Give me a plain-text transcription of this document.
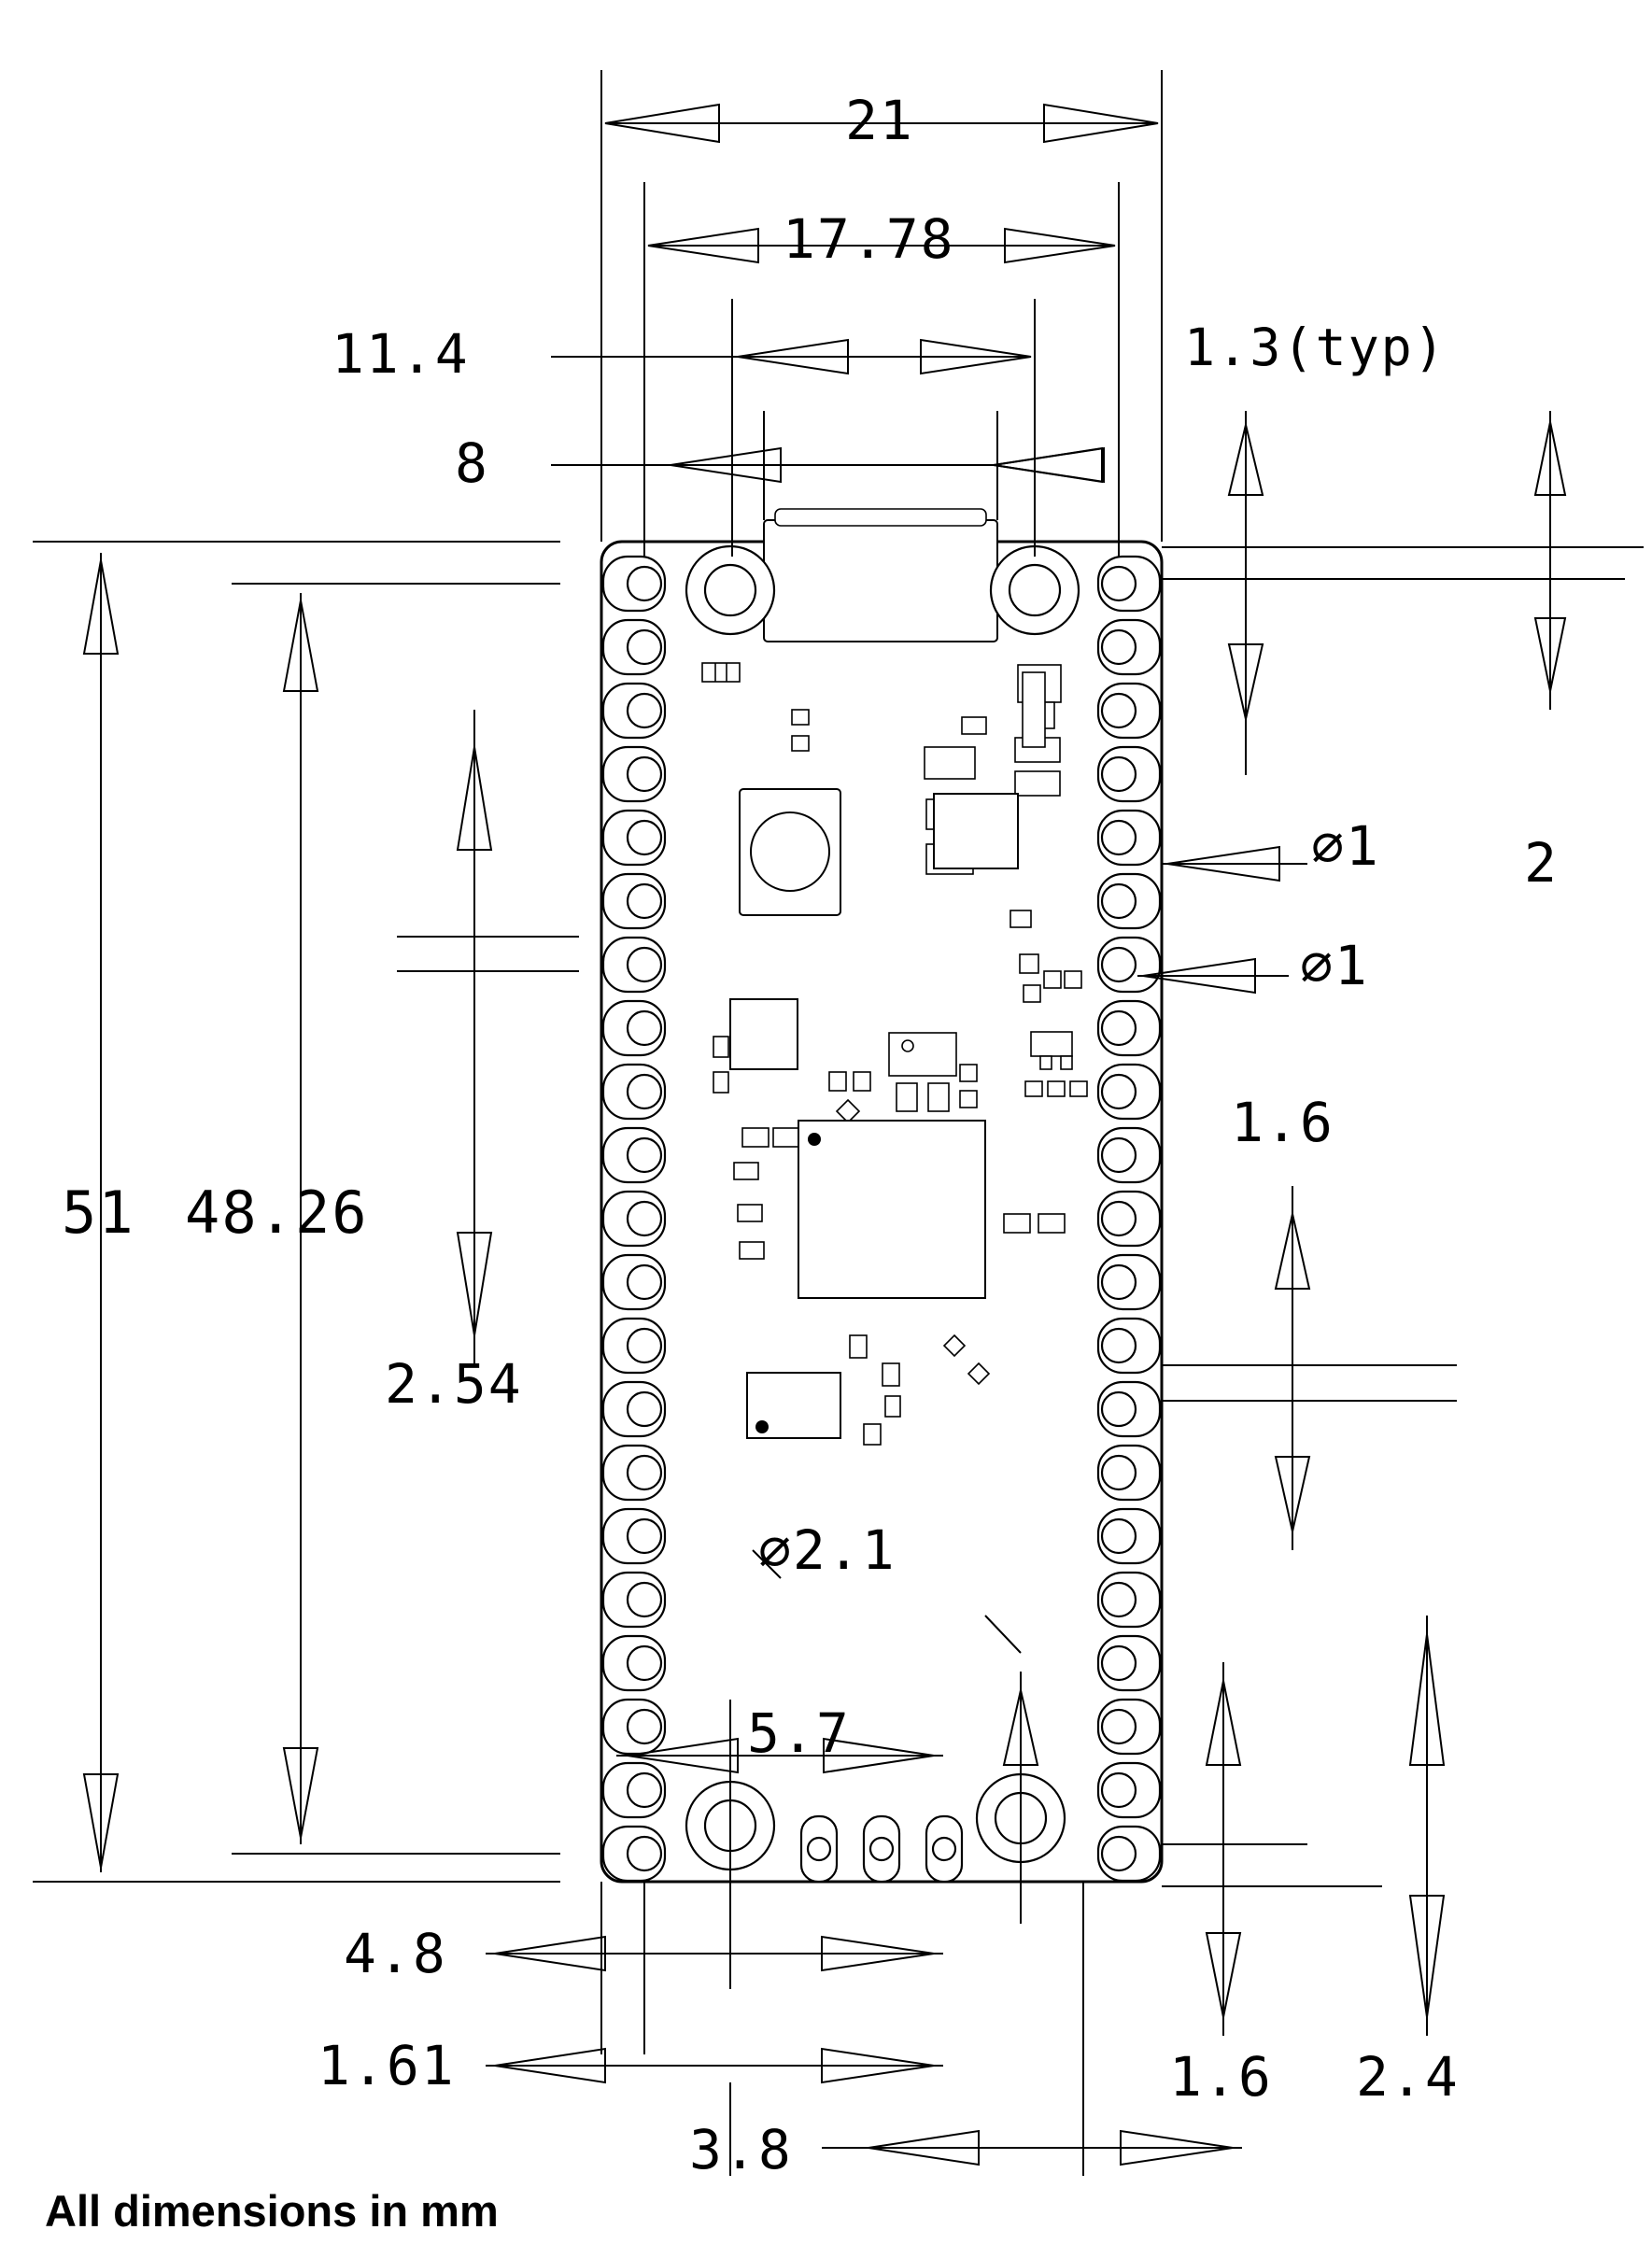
21
17.78
11.4
8
1.3(typ)
2
⌀1
⌀1
1.6
51 48.26
2.54
⌀2.1
5.7
4.8
1.61
3.8
1.6 2.4
All dimensions in mm
